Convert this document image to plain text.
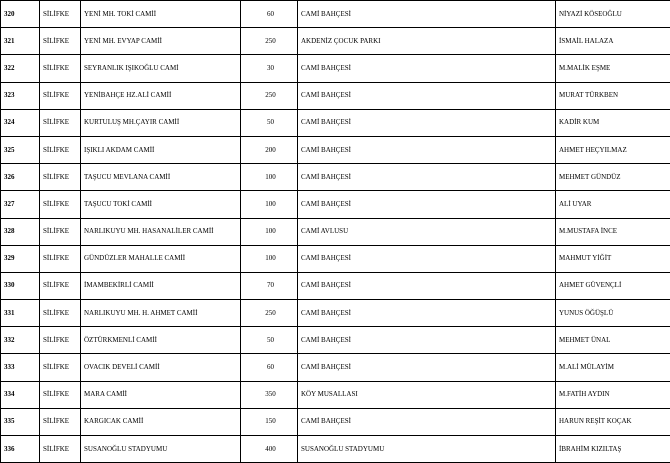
320	SİLİFKE	YENİ MH. TOKİ CAMİİ	60	CAMİ BAHÇESİ	NİYAZİ KÖSEOĞLU
321	SİLİFKE	YENİ MH. EVYAP CAMİİ	250	AKDENİZ ÇOCUK PARKI	İSMAİL HALAZA
322	SİLİFKE	SEYRANLIK IŞIKOĞLU CAMİ	30	CAMİ BAHÇESİ	M.MALİK EŞME
323	SİLİFKE	YENİBAHÇE HZ.ALİ CAMİİ	250	CAMİ BAHÇESİ	MURAT TÜRKBEN
324	SİLİFKE	KURTULUŞ MH.ÇAYIR CAMİİ	50	CAMİ BAHÇESİ	KADİR KUM
325	SİLİFKE	IŞIKLI AKDAM CAMİİ	200	CAMİ BAHÇESİ	AHMET HEÇYILMAZ
326	SİLİFKE	TAŞUCU MEVLANA CAMİİ	100	CAMİ BAHÇESİ	MEHMET GÜNDÜZ
327	SİLİFKE	TAŞUCU TOKİ CAMİİ	100	CAMİ BAHÇESİ	ALİ UYAR
328	SİLİFKE	NARLIKUYU MH. HASANALİLER CAMİİ	100	CAMİ AVLUSU	M.MUSTAFA İNCE
329	SİLİFKE	GÜNDÜZLER MAHALLE CAMİİ	100	CAMİ BAHÇESİ	MAHMUT YİĞİT
330	SİLİFKE	İMAMBEKİRLİ CAMİİ	70	CAMİ BAHÇESİ	AHMET GÜVENÇLİ
331	SİLİFKE	NARLIKUYU MH. H. AHMET CAMİİ	250	CAMİ BAHÇESİ	YUNUS ÖĞÜŞLÜ
332	SİLİFKE	ÖZTÜRKMENLİ CAMİİ	50	CAMİ BAHÇESİ	MEHMET ÜNAL
333	SİLİFKE	OVACIK DEVELİ CAMİİ	60	CAMİ BAHÇESİ	M.ALİ MÜLAYİM
334	SİLİFKE	MARA CAMİİ	350	KÖY MUSALLASI	M.FATİH AYDIN
335	SİLİFKE	KARGICAK CAMİİ	150	CAMİ BAHÇESİ	HARUN REŞİT KOÇAK
336	SİLİFKE	SUSANOĞLU STADYUMU	400	SUSANOĞLU STADYUMU	İBRAHİM KIZILTAŞ
